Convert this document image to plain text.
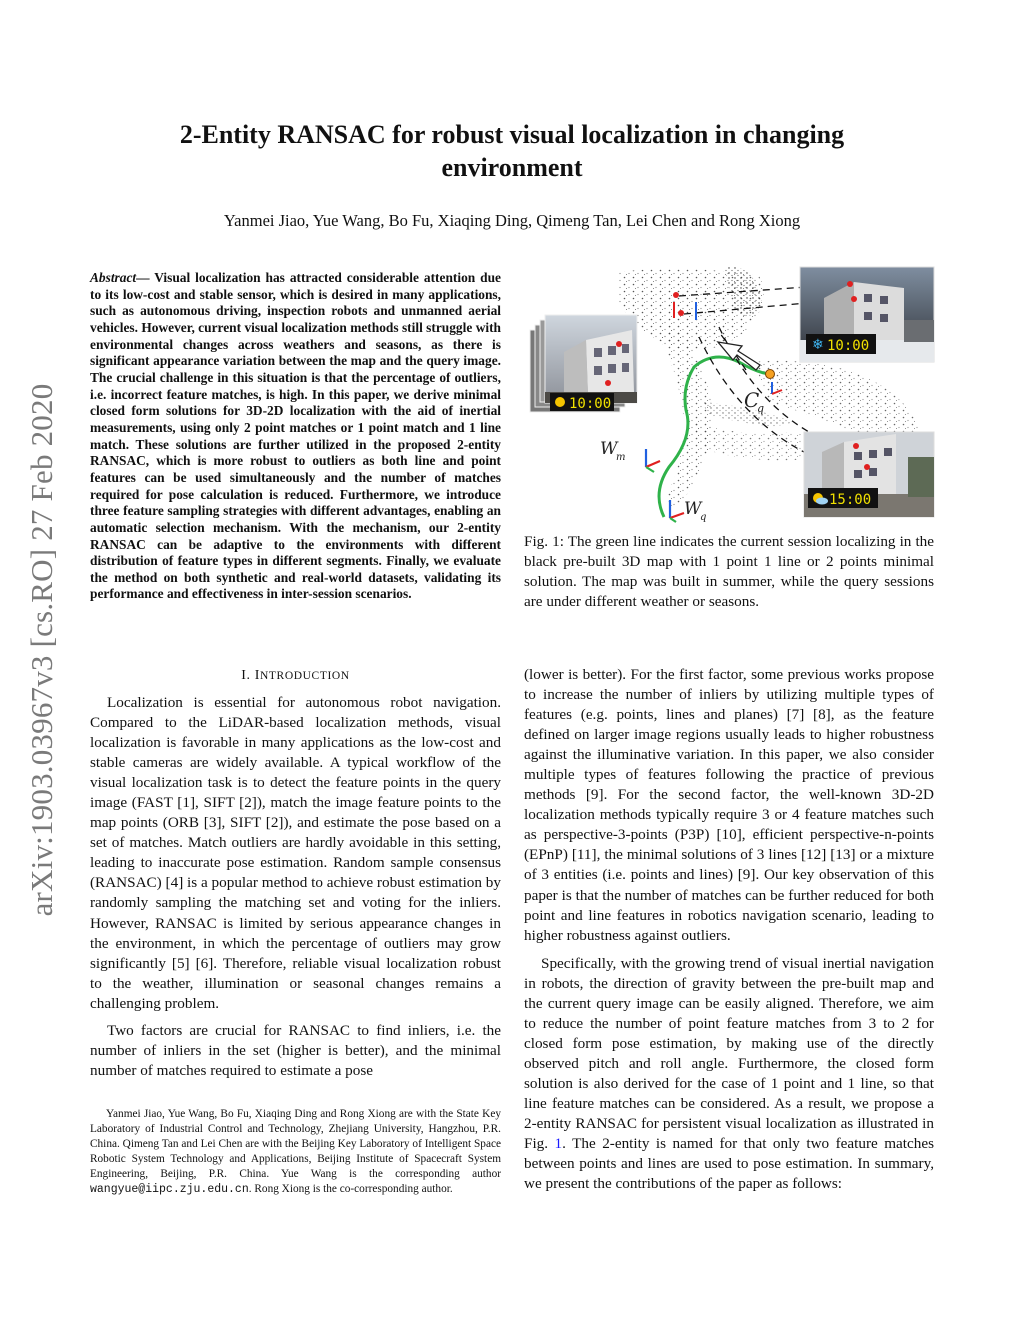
arXiv:1903.03967v3 [cs.RO] 27 Feb 2020
2-Entity RANSAC for robust visual localization in changing
environment
Yanmei Jiao, Yue Wang, Bo Fu, Xiaqing Ding, Qimeng Tan, Lei Chen and Rong Xiong
Abstract— Visual localization has attracted considerable attention due to its low-cost and stable sensor, which is desired in many applications, such as autonomous driving, inspection robots and unmanned aerial vehicles. However, current visual localization methods still struggle with environmental changes across weathers and seasons, as there is significant appearance variation between the map and the query image. The crucial challenge in this situation is that the percentage of outliers, i.e. incorrect feature matches, is high. In this paper, we derive minimal closed form solutions for 3D-2D localization with the aid of inertial measurements, using only 2 point matches or 1 point match and 1 line match. These solutions are further utilized in the proposed 2-entity RANSAC, which is more robust to outliers as both line and point features can be used simultaneously and the number of matches required for pose calculation is reduced. Furthermore, we introduce three feature sampling strategies with different advantages, enabling an automatic selection mechanism. With the mechanism, our 2-entity RANSAC can be adaptive to the environments with different distribution of feature types in different segments. Finally, we evaluate the method on both synthetic and real-world datasets, validating its performance and effectiveness in inter-session scenarios.
I. INTRODUCTION

Localization is essential for autonomous robot navigation. Compared to the LiDAR-based localization methods, visual localization is favorable in many applications as the low-cost and stable cameras are widely available. A typical workflow of the visual localization task is to detect the feature points in the query image (FAST [1], SIFT [2]), match the image feature points to the map points (ORB [3], SIFT [2]), and estimate the pose based on a set of matches. Match outliers are hardly avoidable in this setting, leading to inaccurate pose estimation. Random sample consensus (RANSAC) [4] is a popular method to achieve robust estimation by randomly sampling the matching set and voting for the inliers. However, RANSAC is limited by serious appearance changes in the environment, in which the percentage of outliers may grow significantly [5] [6]. Therefore, reliable visual localization robust to the weather, illumination or seasonal changes remains a challenging problem.

Two factors are crucial for RANSAC to find inliers, i.e. the number of inliers in the set (higher is better), and the minimal number of matches required to estimate a pose

Yanmei Jiao, Yue Wang, Bo Fu, Xiaqing Ding and Rong Xiong are with the State Key Laboratory of Industrial Control and Technology, Zhejiang University, Hangzhou, P.R. China. Qimeng Tan and Lei Chen are with the Beijing Key Laboratory of Intelligent Space Robotic System Technology and Applications, Beijing Institute of Spacecraft System Engineering, Beijing, P.R. China. Yue Wang is the corresponding author wangyue@iipc.zju.edu.cn. Rong Xiong is the co-corresponding author.

10:00
❄ 10:00
15:00
C
q
W
m
W
q
Fig. 1: The green line indicates the current session localizing in the black pre-built 3D map with 1 point 1 line or 2 points minimal solution. The map was built in summer, while the query sessions are under different weather or seasons.

(lower is better). For the first factor, some previous works propose to increase the number of inliers by utilizing multiple types of features (e.g. points, lines and planes) [7] [8], as the feature defined on larger image regions usually leads to higher robustness against the illuminative variation. In this paper, we also consider multiple types of features following the practice of previous methods [9]. For the second factor, the well-known 3D-2D localization methods typically require 3 or 4 feature matches such as perspective-3-points (P3P) [10], efficient perspective-n-points (EPnP) [11], the minimal solutions of 3 lines [12] [13] or a mixture of 3 entities (i.e. points and lines) [9]. Our key observation of this paper is that the number of matches can be further reduced for both point and line features in robotics navigation scenario, leading to higher robustness against outliers.

Specifically, with the growing trend of visual inertial navigation in robots, the direction of gravity between the pre-built map and the current query image can be easily aligned. Therefore, we aim to reduce the number of point feature matches from 3 to 2 for closed form pose estimation, by making use of the directly observed pitch and roll angle. Furthermore, the closed form solution is also derived for the case of 1 point and 1 line, so that line feature matches can be considered. As a result, we propose a 2-entity RANSAC for persistent visual localization as illustrated in Fig. 1. The 2-entity is named for that only two feature matches between points and lines are used to pose estimation. In summary, we present the contributions of the paper as follows:
